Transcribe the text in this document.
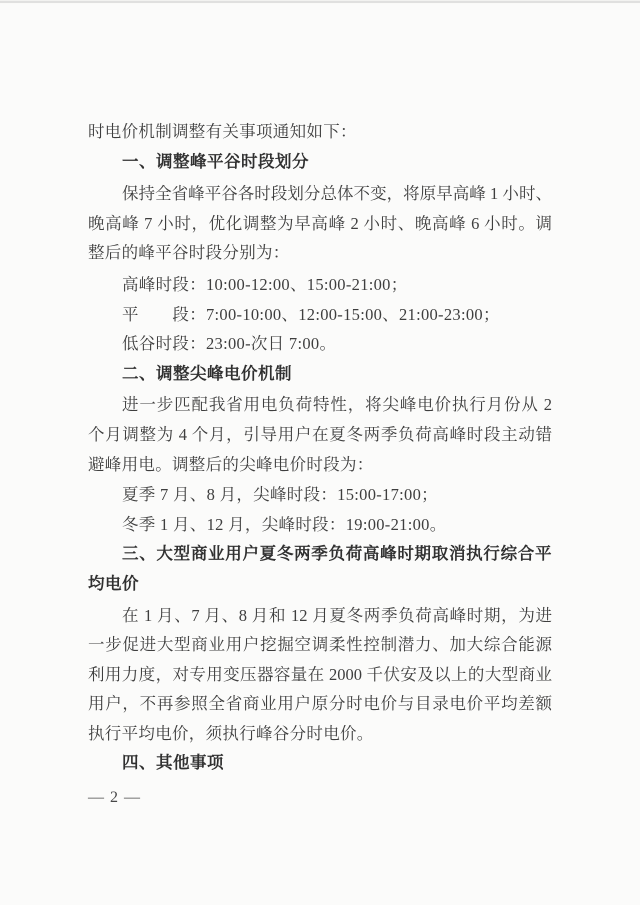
时电价机制调整有关事项通知如下：
一、调整峰平谷时段划分
保持全省峰平谷各时段划分总体不变，将原早高峰 1 小时、
晚高峰 7 小时，优化调整为早高峰 2 小时、晚高峰 6 小时。调
整后的峰平谷时段分别为：
高峰时段：10:00-12:00、15:00-21:00；
平　　段：7:00-10:00、12:00-15:00、21:00-23:00；
低谷时段：23:00-次日 7:00。
二、调整尖峰电价机制
进一步匹配我省用电负荷特性，将尖峰电价执行月份从 2
个月调整为 4 个月，引导用户在夏冬两季负荷高峰时段主动错
避峰用电。调整后的尖峰电价时段为：
夏季 7 月、8 月，尖峰时段：15:00-17:00；
冬季 1 月、12 月，尖峰时段：19:00-21:00。
三、大型商业用户夏冬两季负荷高峰时期取消执行综合平
均电价
在 1 月、7 月、8 月和 12 月夏冬两季负荷高峰时期，为进
一步促进大型商业用户挖掘空调柔性控制潜力、加大综合能源
利用力度，对专用变压器容量在 2000 千伏安及以上的大型商业
用户，不再参照全省商业用户原分时电价与目录电价平均差额
执行平均电价，须执行峰谷分时电价。
四、其他事项
— 2 —
